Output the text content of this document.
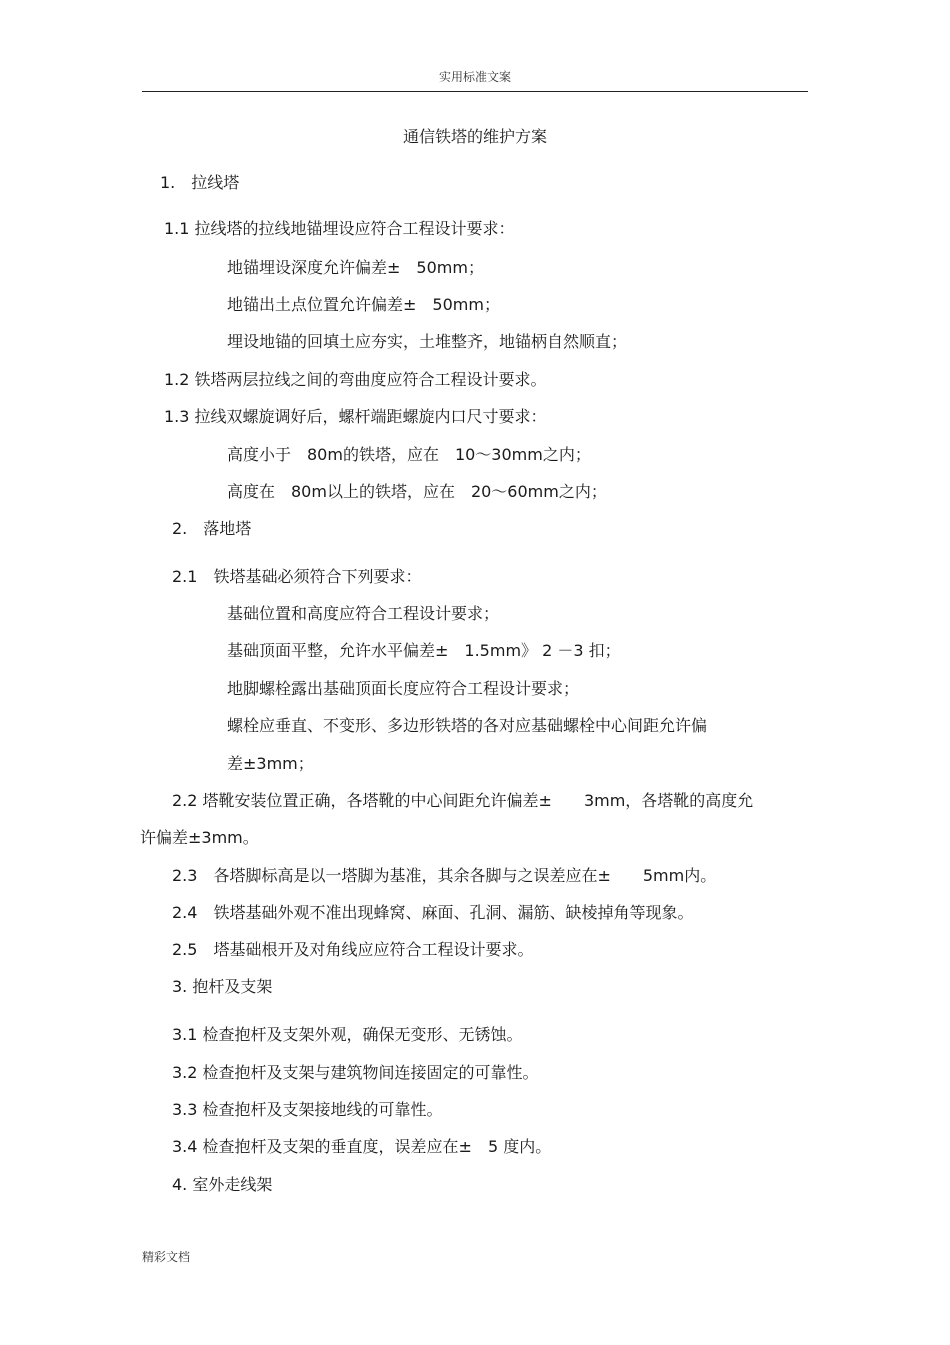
实用标准文案
通信铁塔的维护方案
1.　拉线塔
1.1 拉线塔的拉线地锚埋设应符合工程设计要求：
地锚埋设深度允许偏差±　50mm；
地锚出土点位置允许偏差±　50mm；
埋设地锚的回填土应夯实，土堆整齐，地锚柄自然顺直；
1.2 铁塔两层拉线之间的弯曲度应符合工程设计要求。
1.3 拉线双螺旋调好后，螺杆端距螺旋内口尺寸要求：
高度小于　80m的铁塔，应在　10～30mm之内；
高度在　80m以上的铁塔，应在　20～60mm之内；
2.　落地塔
2.1　铁塔基础必须符合下列要求：
基础位置和高度应符合工程设计要求；
基础顶面平整，允许水平偏差±　1.5mm》 2 －3 扣；
地脚螺栓露出基础顶面长度应符合工程设计要求；
螺栓应垂直、不变形、多边形铁塔的各对应基础螺栓中心间距允许偏
差±3mm；
2.2 塔靴安装位置正确，各塔靴的中心间距允许偏差±　　3mm，各塔靴的高度允
许偏差±3mm。
2.3　各塔脚标高是以一塔脚为基准，其余各脚与之误差应在±　　5mm内。
2.4　铁塔基础外观不准出现蜂窝、麻面、孔洞、漏筋、缺棱掉角等现象。
2.5　塔基础根开及对角线应应符合工程设计要求。
3. 抱杆及支架
3.1 检查抱杆及支架外观，确保无变形、无锈蚀。
3.2 检查抱杆及支架与建筑物间连接固定的可靠性。
3.3 检查抱杆及支架接地线的可靠性。
3.4 检查抱杆及支架的垂直度，误差应在±　5 度内。
4. 室外走线架
精彩文档
